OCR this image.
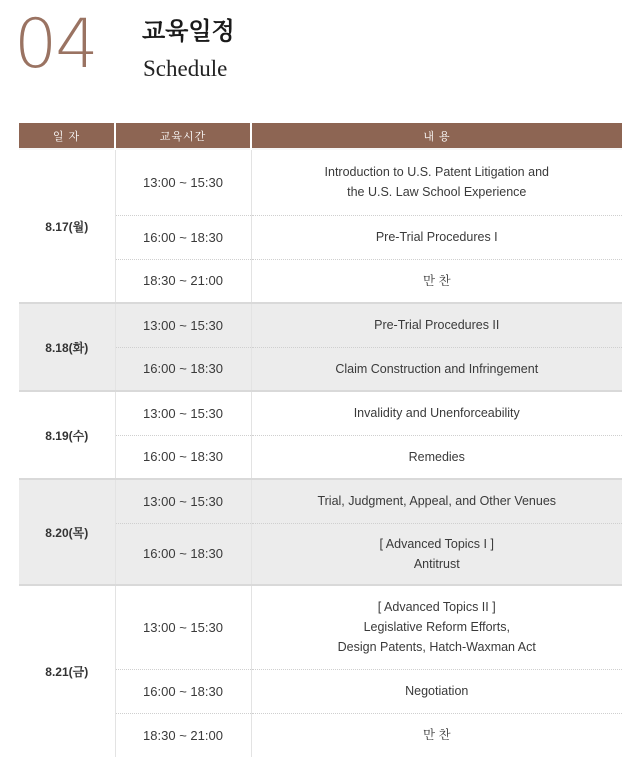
04 교육일정
Schedule
일 자	교육시간	내 용
8.17(월)	13:00 ~ 15:30	Introduction to U.S. Patent Litigation and
the U.S. Law School Experience

	16:00 ~ 18:30	Pre-Trial Procedures I

	18:30 ~ 21:00	만 찬

8.18(화)	13:00 ~ 15:30	Pre-Trial Procedures II

	16:00 ~ 18:30	Claim Construction and Infringement

8.19(수)	13:00 ~ 15:30	Invalidity and Unenforceability

	16:00 ~ 18:30	Remedies

8.20(목)	13:00 ~ 15:30	Trial, Judgment, Appeal, and Other Venues

	16:00 ~ 18:30	[ Advanced Topics I ]
Antitrust

8.21(금)	13:00 ~ 15:30	[ Advanced Topics II ]
Legislative Reform Efforts,
Design Patents, Hatch-Waxman Act

	16:00 ~ 18:30	Negotiation

	18:30 ~ 21:00	만 찬
